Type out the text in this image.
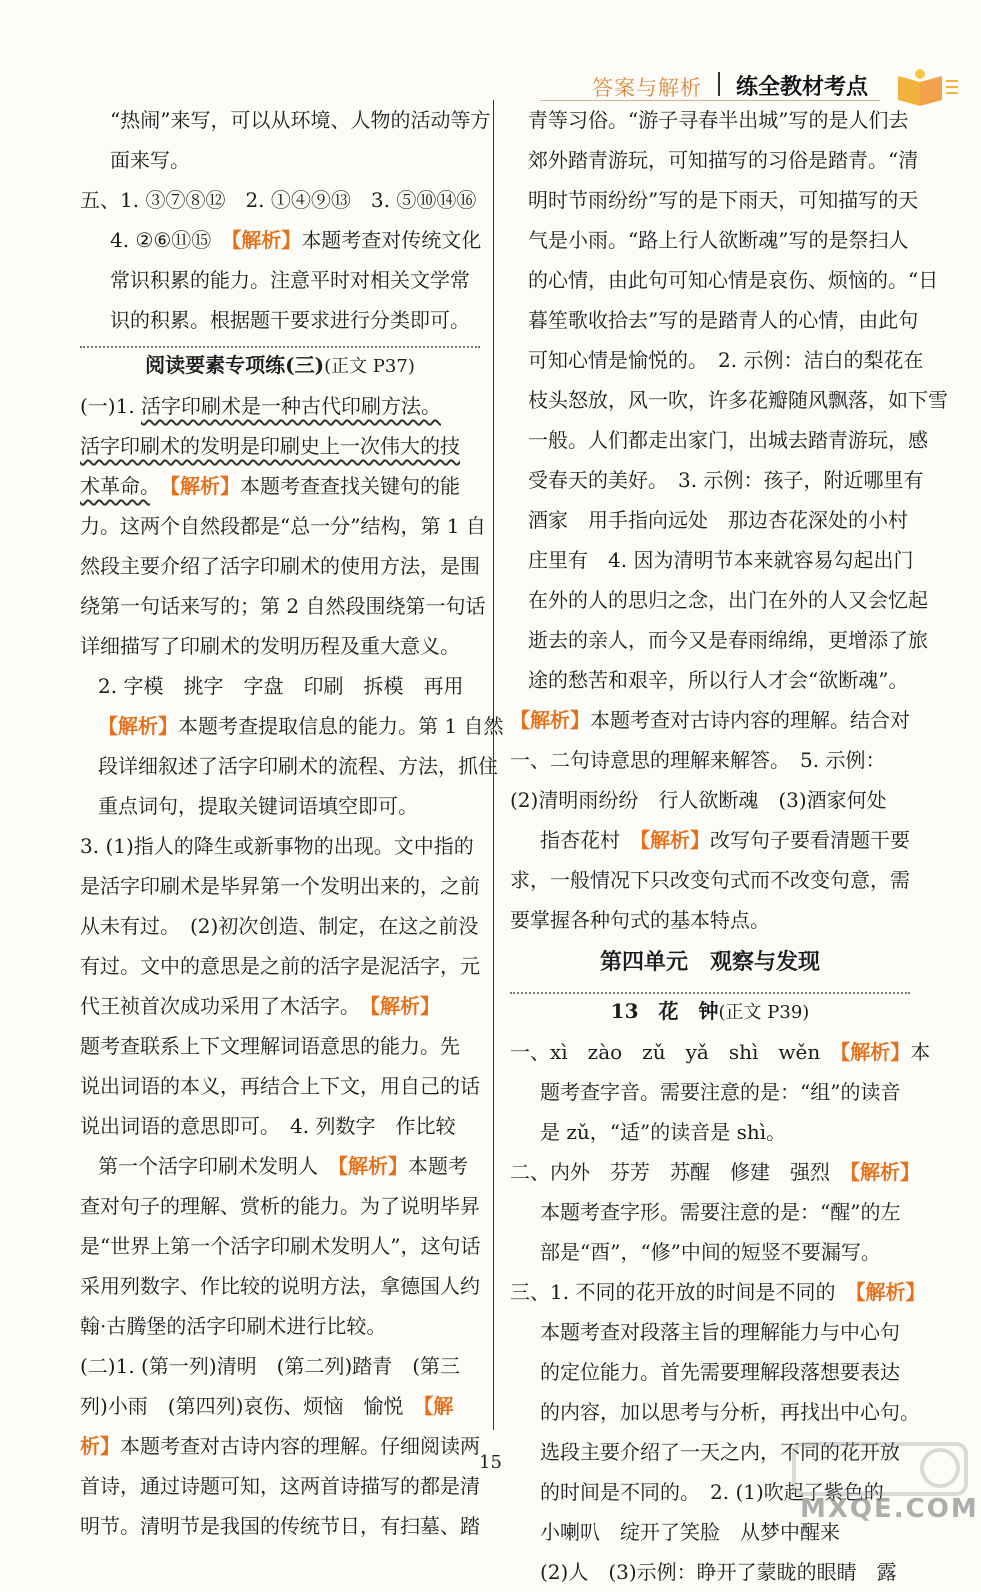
答案与解析 练全教材考点

“热闹”来写，可以从环境、人物的活动等方

面来写。

五、1. ③⑦⑧⑫　2. ①④⑨⑬　3. ⑤⑩⑭⑯

4. ②⑥⑪⑮　【解析】本题考查对传统文化

常识积累的能力。注意平时对相关文学常

识的积累。根据题干要求进行分类即可。

阅读要素专项练(三)(正文 P37)

(一)1. 活字印刷术是一种古代印刷方法。

活字印刷术的发明是印刷史上一次伟大的技

术革命。　 【解析】本题考查查找关键句的能

力。这两个自然段都是“总一分”结构，第 1 自

然段主要介绍了活字印刷术的使用方法，是围

绕第一句话来写的；第 2 自然段围绕第一句话

详细描写了印刷术的发明历程及重大意义。

2. 字模　挑字　字盘　印刷　拆模　再用

【解析】本题考查提取信息的能力。第 1 自然

段详细叙述了活字印刷术的流程、方法，抓住

重点词句，提取关键词语填空即可。

3. (1)指人的降生或新事物的出现。文中指的

是活字印刷术是毕昇第一个发明出来的，之前

从未有过。　(2)初次创造、制定，在这之前没

有过。文中的意思是之前的活字是泥活字，元

代王祯首次成功采用了木活字。　【解析】

题考查联系上下文理解词语意思的能力。先

说出词语的本义，再结合上下文，用自己的话

说出词语的意思即可。　4. 列数字　作比较

第一个活字印刷术发明人　【解析】本题考

查对句子的理解、赏析的能力。为了说明毕昇

是“世界上第一个活字印刷术发明人”，这句话

采用列数字、作比较的说明方法，拿德国人约

翰·古腾堡的活字印刷术进行比较。

(二)1. (第一列)清明　(第二列)踏青　(第三

列)小雨　(第四列)哀伤、烦恼　愉悦　【解

析】本题考查对古诗内容的理解。仔细阅读两

首诗，通过诗题可知，这两首诗描写的都是清

明节。清明节是我国的传统节日，有扫墓、踏

青等习俗。“游子寻春半出城”写的是人们去

郊外踏青游玩，可知描写的习俗是踏青。“清

明时节雨纷纷”写的是下雨天，可知描写的天

气是小雨。“路上行人欲断魂”写的是祭扫人

的心情，由此句可知心情是哀伤、烦恼的。“日

暮笙歌收拾去”写的是踏青人的心情，由此句

可知心情是愉悦的。　2. 示例：洁白的梨花在

枝头怒放，风一吹，许多花瓣随风飘落，如下雪

一般。人们都走出家门，出城去踏青游玩，感

受春天的美好。　3. 示例：孩子，附近哪里有

酒家　用手指向远处　那边杏花深处的小村

庄里有　4. 因为清明节本来就容易勾起出门

在外的人的思归之念，出门在外的人又会忆起

逝去的亲人，而今又是春雨绵绵，更增添了旅

途的愁苦和艰辛，所以行人才会“欲断魂”。

【解析】本题考查对古诗内容的理解。结合对

一、二句诗意思的理解来解答。　5. 示例：

(2)清明雨纷纷　行人欲断魂　(3)酒家何处

指杏花村　【解析】改写句子要看清题干要

求，一般情况下只改变句式而不改变句意，需

要掌握各种句式的基本特点。

第四单元　观察与发现
13　花　钟(正文 P39)

一、xì　zào　zǔ　yǎ　shì　wěn　【解析】本

题考查字音。需要注意的是：“组”的读音

是 zǔ，“适”的读音是 shì。

二、内外　芬芳　苏醒　修建　强烈　【解析】

本题考查字形。需要注意的是：“醒”的左

部是“酉”，“修”中间的短竖不要漏写。

三、1. 不同的花开放的时间是不同的　【解析】

本题考查对段落主旨的理解能力与中心句

的定位能力。首先需要理解段落想要表达

的内容，加以思考与分析，再找出中心句。

选段主要介绍了一天之内，不同的花开放

的时间是不同的。　2. (1)吹起了紫色的

小喇叭　绽开了笑脸　从梦中醒来

(2)人　(3)示例：睁开了蒙眬的眼睛　露

15
MXQE.COM
